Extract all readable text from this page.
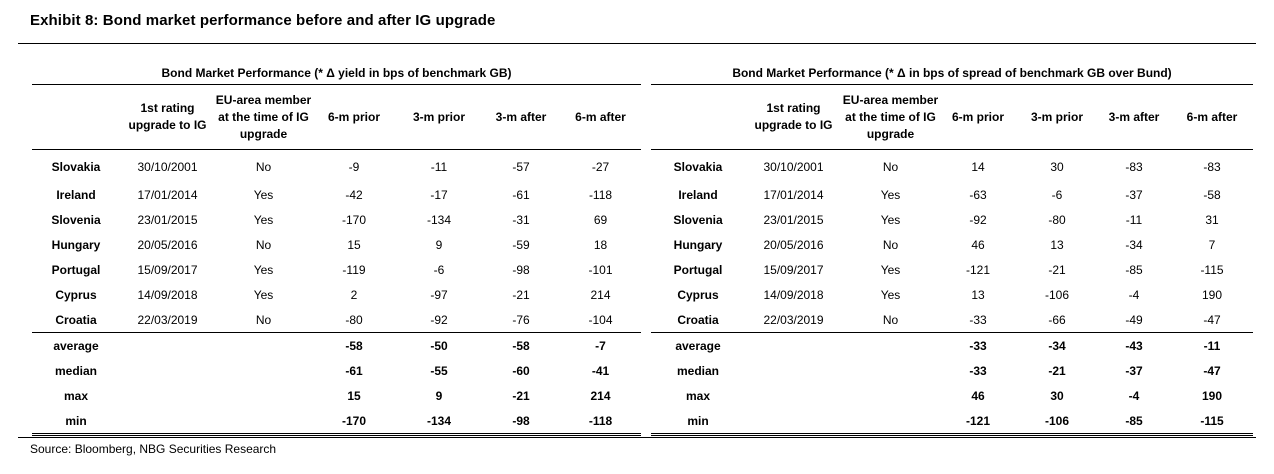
Exhibit 8: Bond market performance before and after IG upgrade
Bond Market Performance (* Δ yield in bps of benchmark GB)						
	1st rating upgrade to IG	EU-area member at the time of IG upgrade	6-m prior	3-m prior	3-m after	6-m after
Slovakia	30/10/2001	No	-9	-11	-57	-27
Ireland	17/01/2014	Yes	-42	-17	-61	-118
Slovenia	23/01/2015	Yes	-170	-134	-31	69
Hungary	20/05/2016	No	15	9	-59	18
Portugal	15/09/2017	Yes	-119	-6	-98	-101
Cyprus	14/09/2018	Yes	2	-97	-21	214
Croatia	22/03/2019	No	-80	-92	-76	-104
average			-58	-50	-58	-7
median			-61	-55	-60	-41
max			15	9	-21	214
min			-170	-134	-98	-118
Bond Market Performance (* Δ in bps of spread of benchmark GB over Bund)						
	1st rating upgrade to IG	EU-area member at the time of IG upgrade	6-m prior	3-m prior	3-m after	6-m after
Slovakia	30/10/2001	No	14	30	-83	-83
Ireland	17/01/2014	Yes	-63	-6	-37	-58
Slovenia	23/01/2015	Yes	-92	-80	-11	31
Hungary	20/05/2016	No	46	13	-34	7
Portugal	15/09/2017	Yes	-121	-21	-85	-115
Cyprus	14/09/2018	Yes	13	-106	-4	190
Croatia	22/03/2019	No	-33	-66	-49	-47
average			-33	-34	-43	-11
median			-33	-21	-37	-47
max			46	30	-4	190
min			-121	-106	-85	-115
Source: Bloomberg, NBG Securities Research
